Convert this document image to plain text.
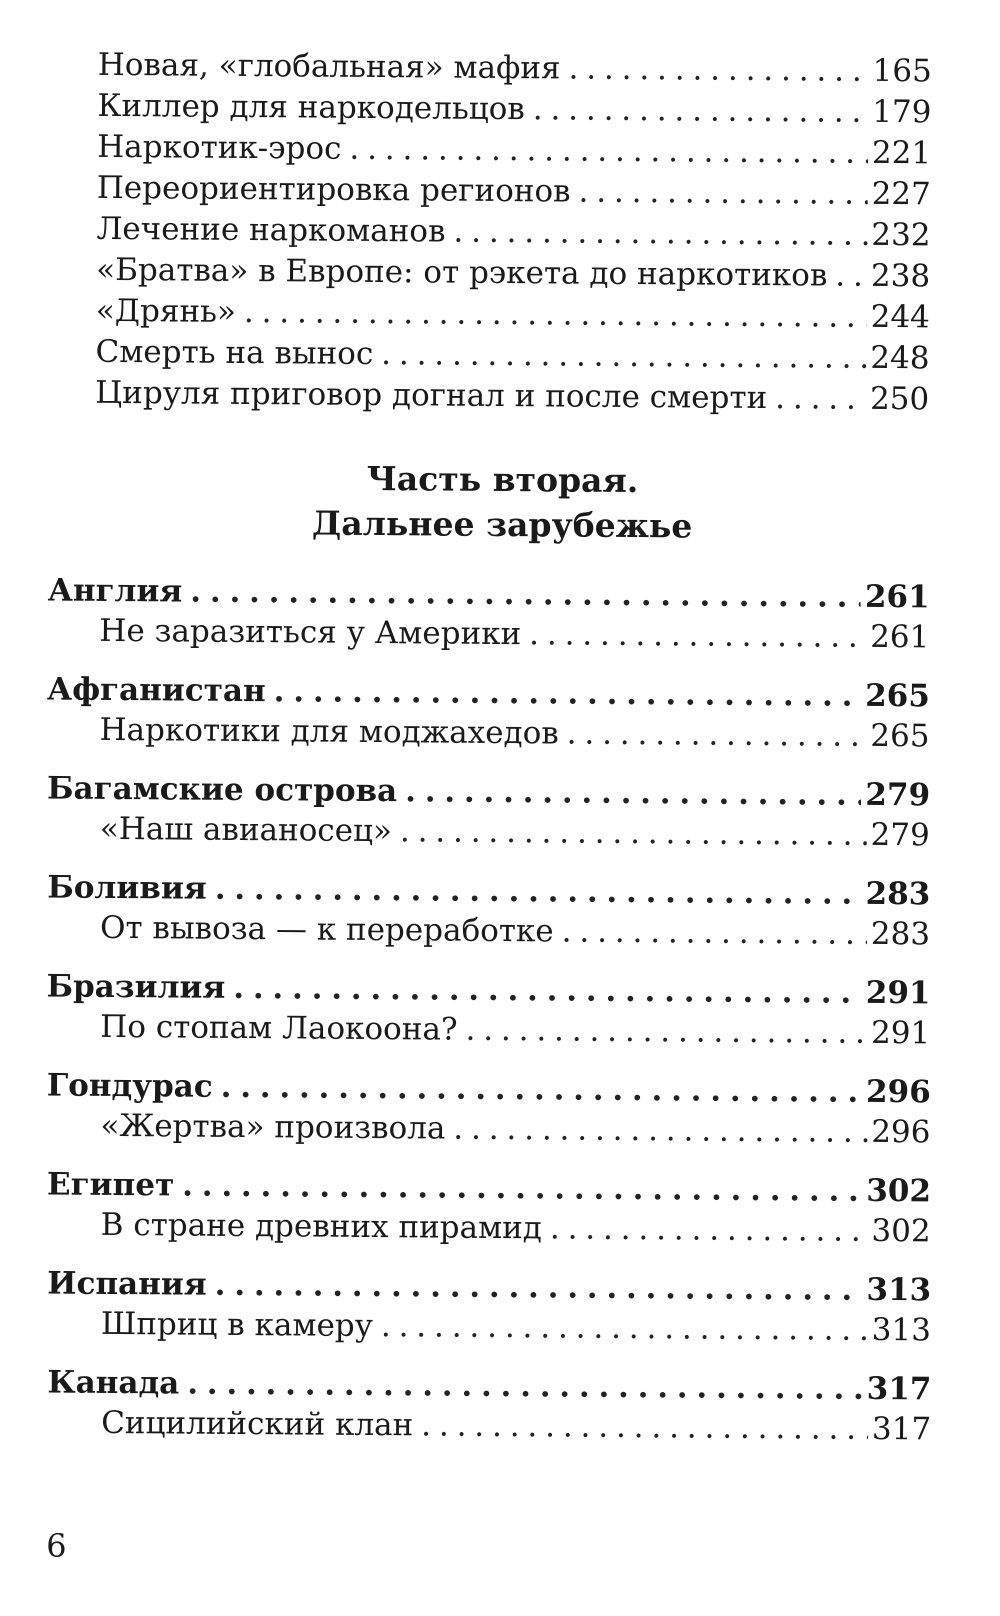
Новая, «глобальная» мафия . . .	165
Киллер для наркодельцов . . .	179
Наркотик-эрос . . .	221
Переориентировка регионов . . .	227
Лечение наркоманов . . .	232
«Братва» в Европе: от рэкета до наркотиков . . . 238
«Дрянь» . . .	244
Смерть на вынос . . .	248
Цируля приговор догнал и после смерти . . .	250
Часть вторая.
Дальнее зарубежье
Англия . . .	261
Не заразиться у Америки . . .	261
Афганистан . . .	265
Наркотики для моджахедов . . .	265
Багамские острова . . .	279
«Наш авианосец» . . .	279
Боливия . . .	283
От вывоза — к переработке . . .	283
Бразилия . . .	291
По стопам Лаокоона? . . .	291
Гондурас . . .	296
«Жертва» произвола . . .	296
Египет . . .	302
В стране древних пирамид . . .	302
Испания . . .	313
Шприц в камеру . . .	313
Канада . . .	317
Сицилийский клан . . .	317
6
